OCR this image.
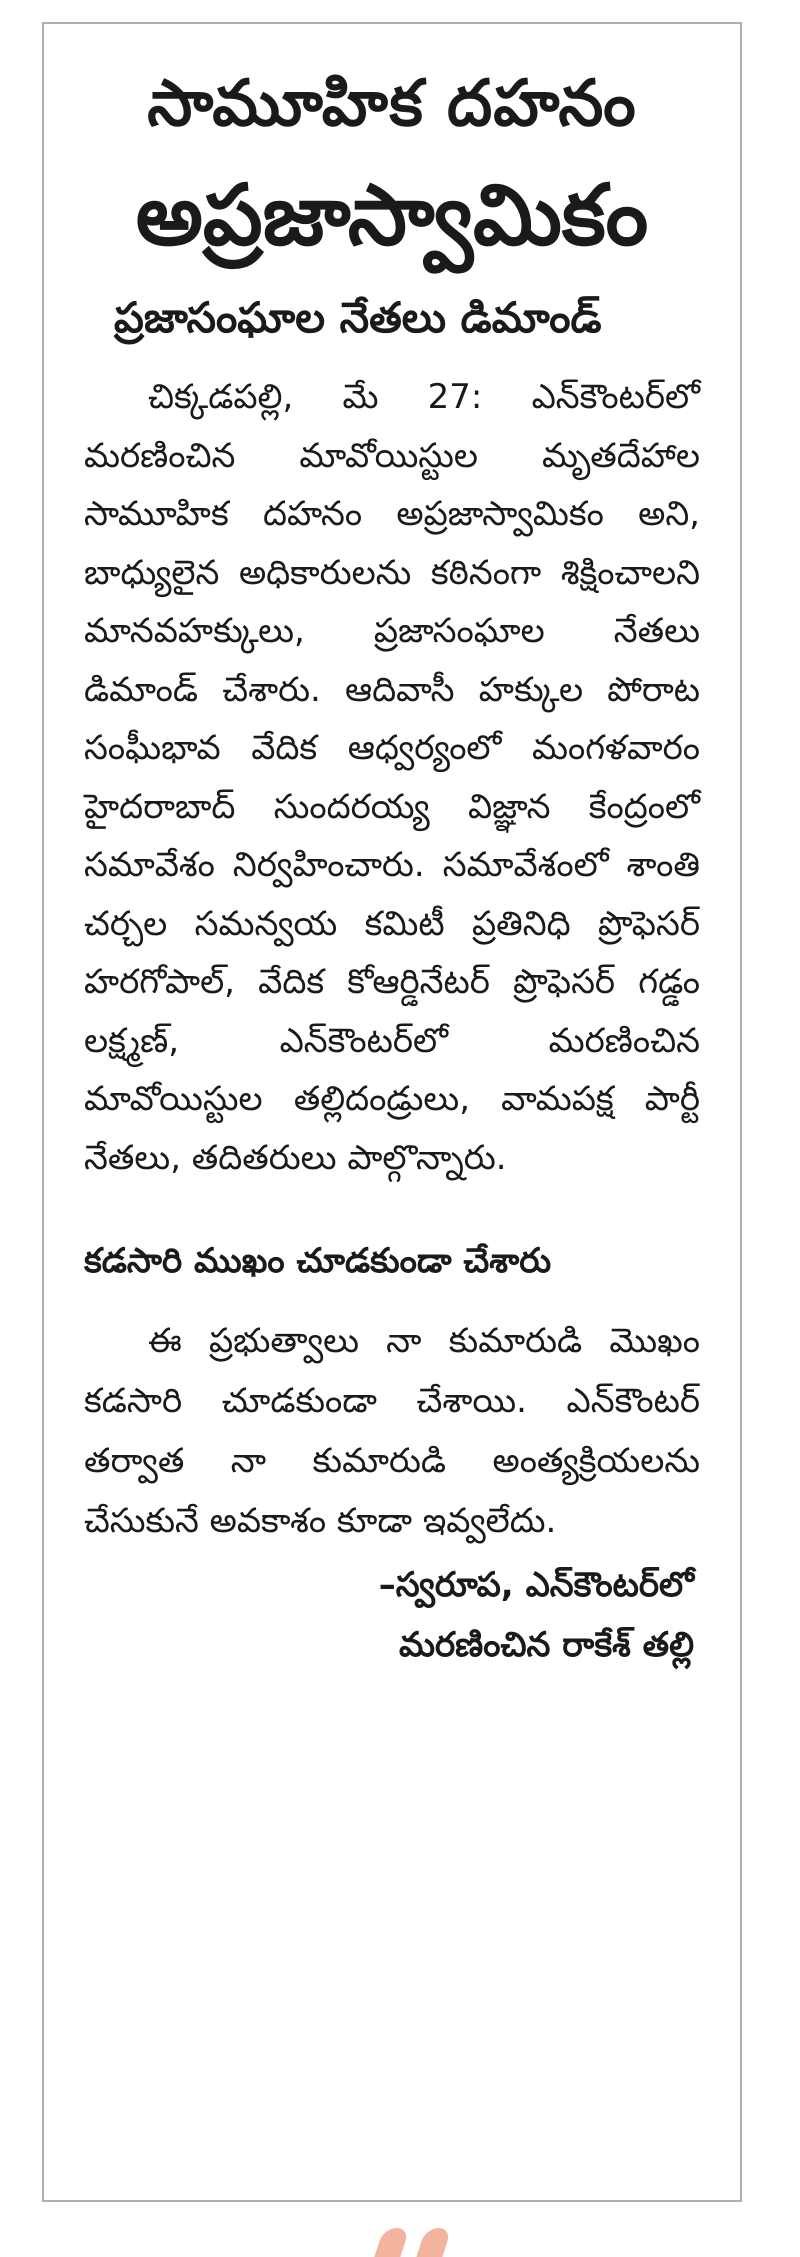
సామూహిక దహనం
అప్రజాస్వామికం
ప్రజాసంఘాల నేతలు డిమాండ్

చిక్కడపల్లి, మే 27: ఎన్‌కౌంటర్‌లో మరణించిన మావోయిస్టుల మృతదేహాల సామూహిక దహనం అప్రజాస్వామికం అని, బాధ్యులైన అధికారులను కఠినంగా శిక్షించాలని మానవహక్కులు, ప్రజాసంఘాల నేతలు డిమాండ్ చేశారు. ఆదివాసీ హక్కుల పోరాట సంఘీభావ వేదిక ఆధ్వర్యంలో మంగళవారం హైదరాబాద్ సుందరయ్య విజ్ఞాన కేంద్రంలో సమావేశం నిర్వహించారు. సమావేశంలో శాంతి చర్చల సమన్వయ కమిటీ ప్రతినిధి ప్రొఫెసర్ హరగోపాల్, వేదిక కోఆర్డినేటర్ ప్రొఫెసర్ గడ్డం లక్ష్మణ్, ఎన్‌కౌంటర్‌లో మరణించిన మావోయిస్టుల తల్లిదండ్రులు, వామపక్ష పార్టీ నేతలు, తదితరులు పాల్గొన్నారు.

కడసారి ముఖం చూడకుండా చేశారు

ఈ ప్రభుత్వాలు నా కుమారుడి మొఖం కడసారి చూడకుండా చేశాయి. ఎన్‌కౌంటర్ తర్వాత నా కుమారుడి అంత్యక్రియలను చేసుకునే అవకాశం కూడా ఇవ్వలేదు.

–స్వరూప, ఎన్‌కౌంటర్‌లో
మరణించిన రాకేశ్ తల్లి
